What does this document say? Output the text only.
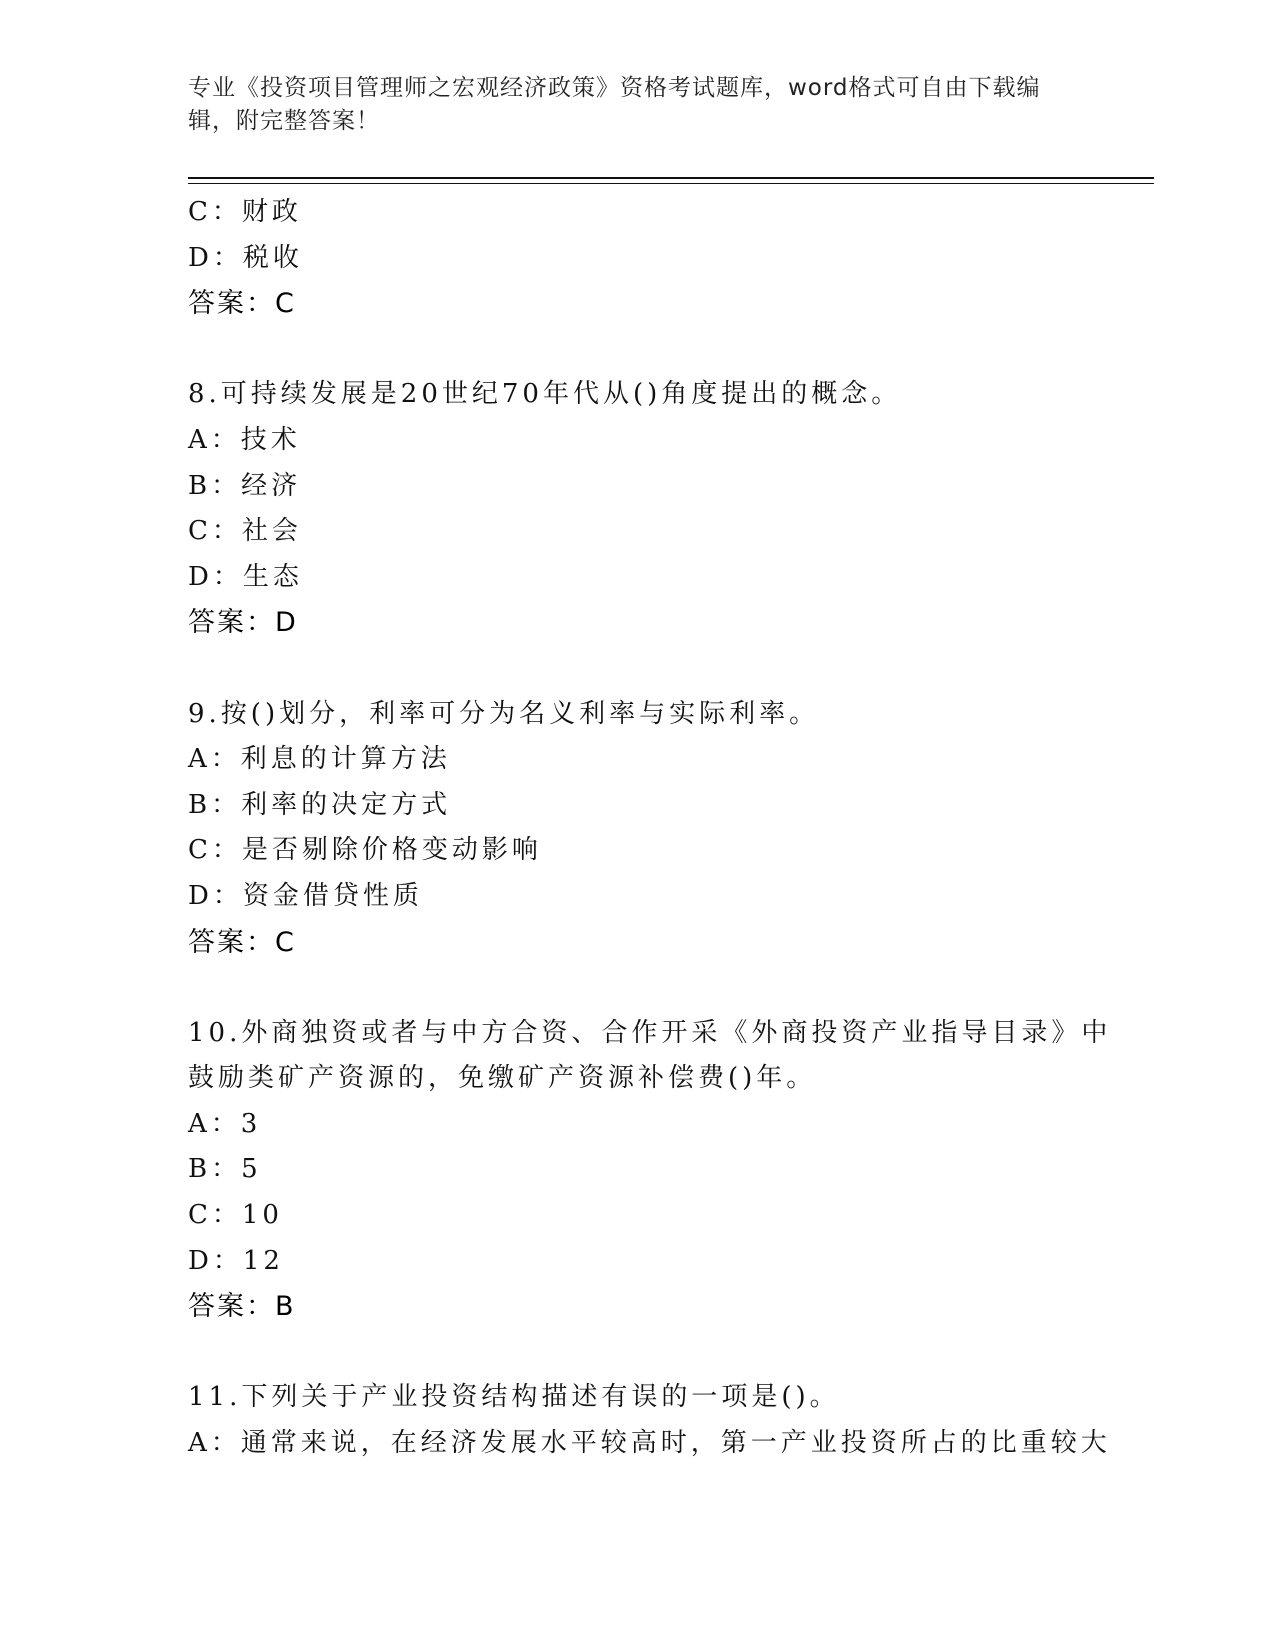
专业《投资项目管理师之宏观经济政策》资格考试题库，word格式可自由下载编
辑，附完整答案！
C：财政
D：税收
答案：C
8.可持续发展是20世纪70年代从()角度提出的概念。
A：技术
B：经济
C：社会
D：生态
答案：D
9.按()划分，利率可分为名义利率与实际利率。
A：利息的计算方法
B：利率的决定方式
C：是否剔除价格变动影响
D：资金借贷性质
答案：C
10.外商独资或者与中方合资、合作开采《外商投资产业指导目录》中
鼓励类矿产资源的，免缴矿产资源补偿费()年。
A：3
B：5
C：10
D：12
答案：B
11.下列关于产业投资结构描述有误的一项是()。
A：通常来说，在经济发展水平较高时，第一产业投资所占的比重较大
